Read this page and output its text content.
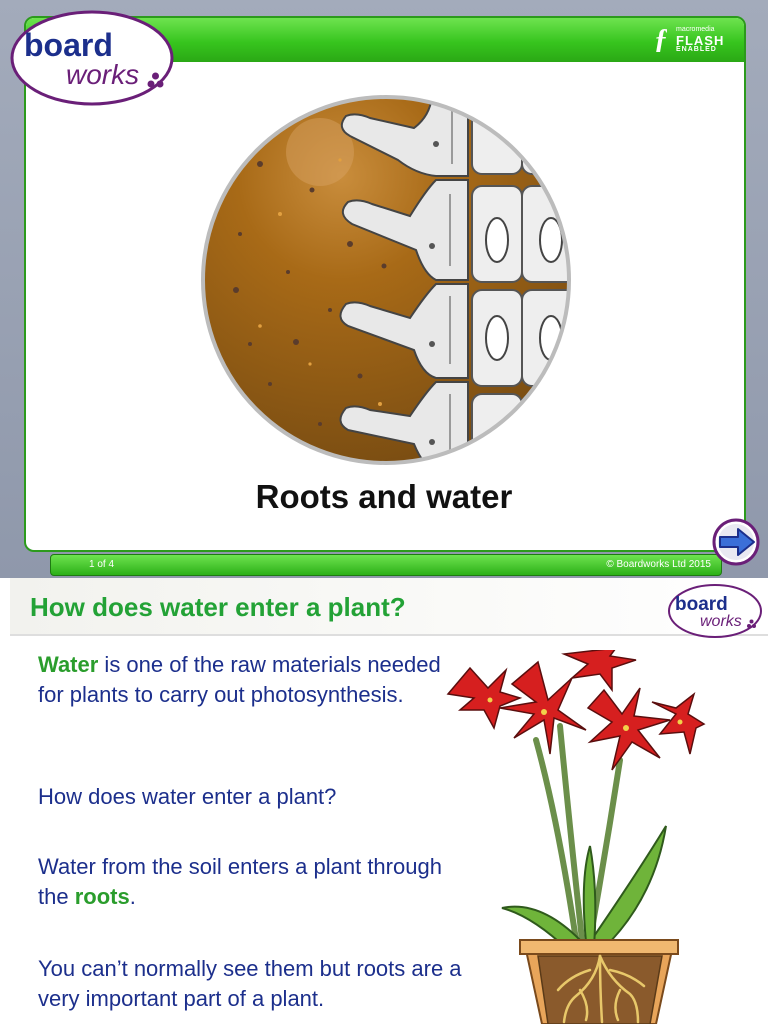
ƒ macromedia
FLASH
ENABLED
board
works
Roots and water
1 of 4	© Boardworks Ltd 2015
How does water enter a plant?	board
works
Water is one of the raw materials needed for plants to carry out photosynthesis.
How does water enter a plant?
Water from the soil enters a plant through the roots.
You can’t normally see them but roots are a very important part of a plant.
